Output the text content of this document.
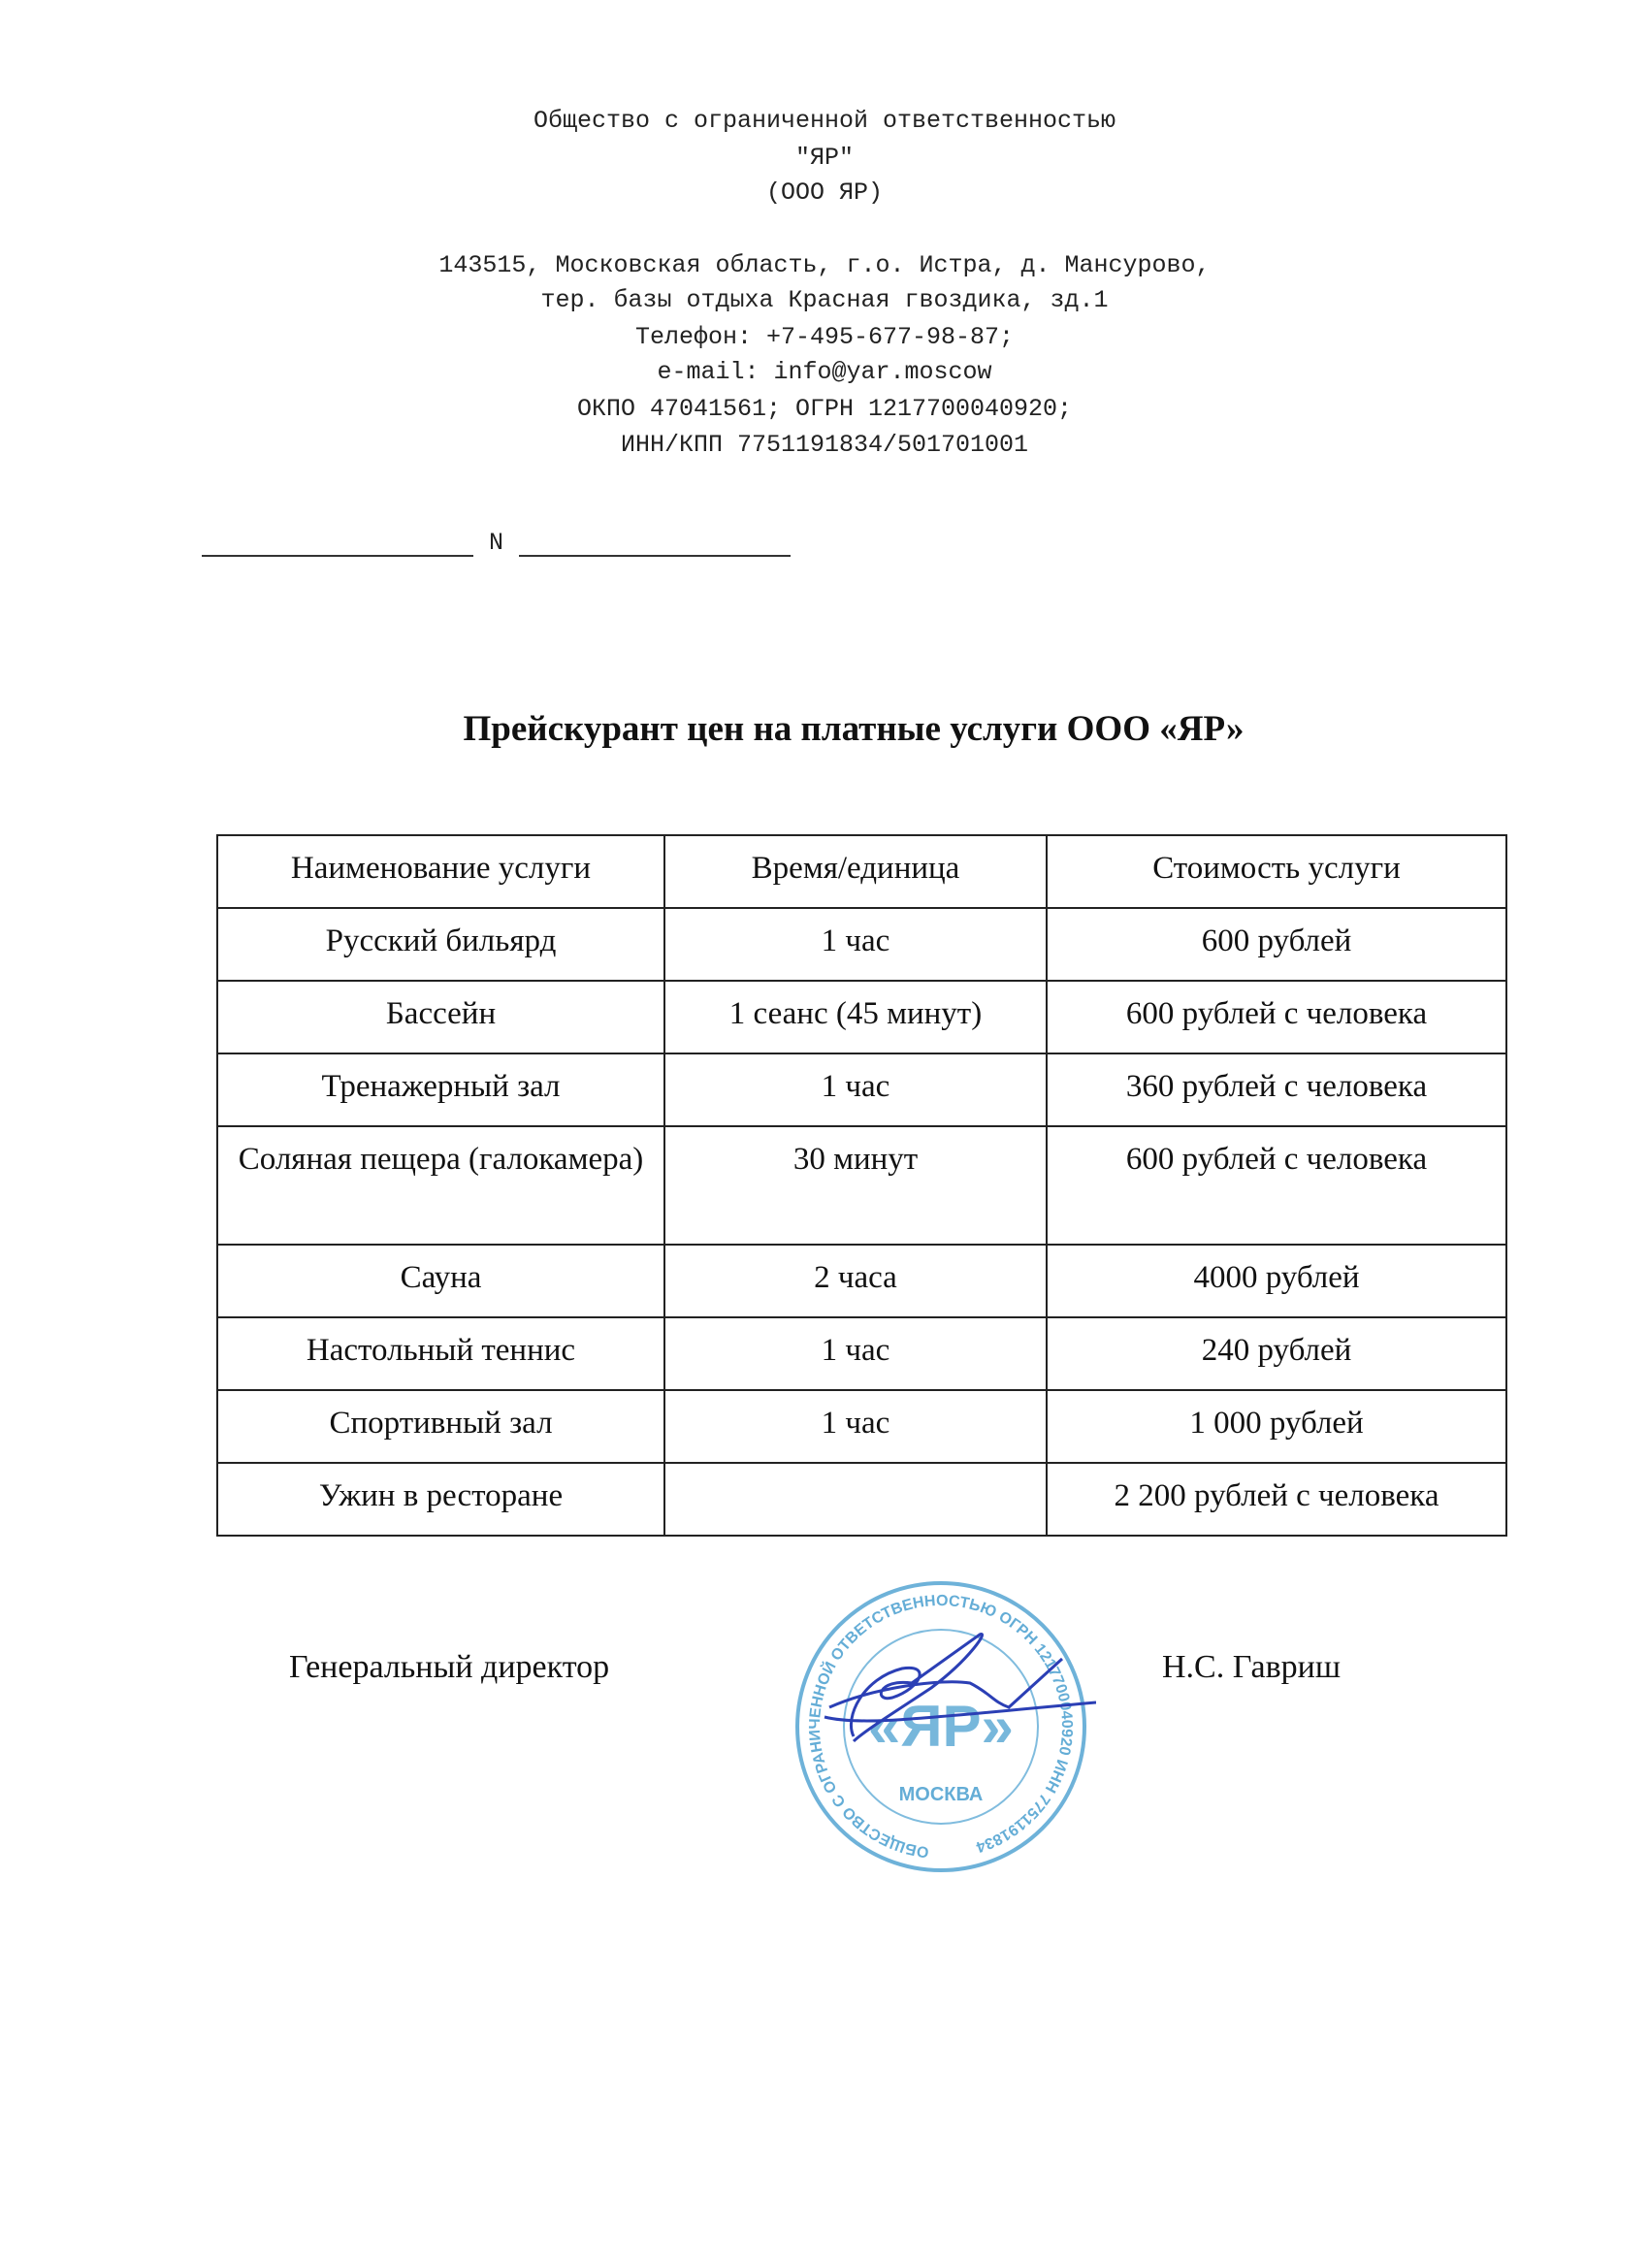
Общество с ограниченной ответственностью
"ЯР"
(ООО ЯР)
143515, Московская область, г.о. Истра, д. Мансурово,
тер. базы отдыха Красная гвоздика, зд.1
Телефон: +7-495-677-98-87;
e-mail: info@yar.moscow
ОКПО 47041561; ОГРН 1217700040920;
ИНН/КПП 7751191834/501701001
N
Прейскурант цен на платные услуги ООО «ЯР»
Наименование услуги	Время/единица	Стоимость услуги
Русский бильярд	1 час	600 рублей
Бассейн	1 сеанс (45 минут)	600 рублей с человека
Тренажерный зал	1 час	360 рублей с человека
Соляная пещера (галокамера)	30 минут	600 рублей с человека
Сауна	2 часа	4000 рублей
Настольный теннис	1 час	240 рублей
Спортивный зал	1 час	1 000 рублей
Ужин в ресторане		2 200 рублей с человека
Генеральный директор	Н.С. Гавриш
ОБЩЕСТВО С ОГРАНИЧЕННОЙ ОТВЕТСТВЕННОСТЬЮ ОГРН 1217700040920 ИНН 7751191834
«ЯР»
МОСКВА
